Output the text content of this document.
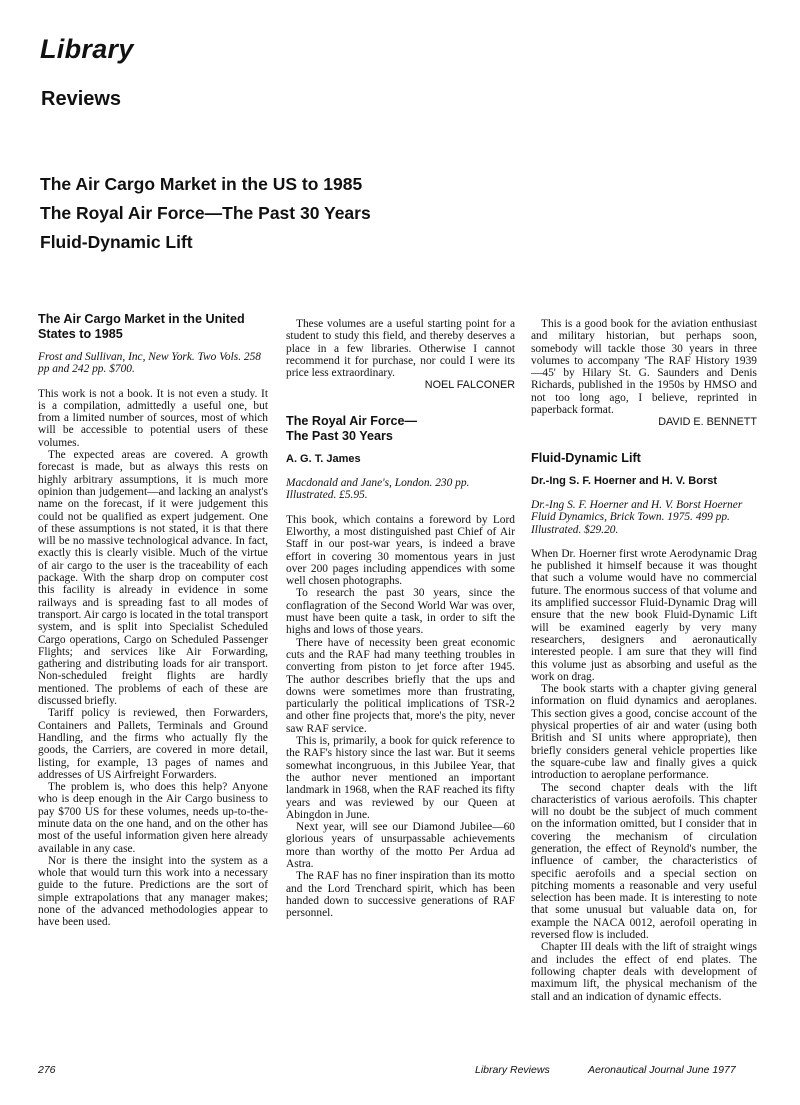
Library
Reviews
The Air Cargo Market in the US to 1985
The Royal Air Force—The Past 30 Years
Fluid-Dynamic Lift
The Air Cargo Market in the United States to 1985

Frost and Sullivan, Inc, New York. Two Vols. 258 pp and 242 pp. $700.

This work is not a book. It is not even a study. It is a compilation, admittedly a useful one, but from a limited number of sources, most of which will be accessible to potential users of these volumes.

The expected areas are covered. A growth forecast is made, but as always this rests on highly arbitrary assumptions, it is much more opinion than judgement—and lacking an analyst's name on the forecast, if it were judgement this could not be qualified as expert judgement. One of these assumptions is not stated, it is that there will be no massive technological advance. In fact, exactly this is clearly visible. Much of the virtue of air cargo to the user is the traceability of each package. With the sharp drop on computer cost this facility is already in evidence in some railways and is spreading fast to all modes of transport. Air cargo is located in the total transport system, and is split into Specialist Scheduled Cargo operations, Cargo on Scheduled Passenger Flights; and services like Air Forwarding, gathering and distributing loads for air transport. Non-scheduled freight flights are hardly mentioned. The problems of each of these are discussed briefly.

Tariff policy is reviewed, then Forwarders, Containers and Pallets, Terminals and Ground Handling, and the firms who actually fly the goods, the Carriers, are covered in more detail, listing, for example, 13 pages of names and addresses of US Airfreight Forwarders.

The problem is, who does this help? Anyone who is deep enough in the Air Cargo business to pay $700 US for these volumes, needs up-to-the-minute data on the one hand, and on the other has most of the useful information given here already available in any case.

Nor is there the insight into the system as a whole that would turn this work into a necessary guide to the future. Predictions are the sort of simple extrapolations that any manager makes; none of the advanced methodologies appear to have been used.

These volumes are a useful starting point for a student to study this field, and thereby deserves a place in a few libraries. Otherwise I cannot recommend it for purchase, nor could I were its price less extraordinary.

NOEL FALCONER

The Royal Air Force—The Past 30 Years
A. G. T. James

Macdonald and Jane's, London. 230 pp. Illustrated. £5.95.

This book, which contains a foreword by Lord Elworthy, a most distinguished past Chief of Air Staff in our post-war years, is indeed a brave effort in covering 30 momentous years in just over 200 pages including appendices with some well chosen photographs.

To research the past 30 years, since the conflagration of the Second World War was over, must have been quite a task, in order to sift the highs and lows of those years.

There have of necessity been great economic cuts and the RAF had many teething troubles in converting from piston to jet force after 1945. The author describes briefly that the ups and downs were sometimes more than frustrating, particularly the political implications of TSR-2 and other fine projects that, more's the pity, never saw RAF service.

This is, primarily, a book for quick reference to the RAF's history since the last war. But it seems somewhat incongruous, in this Jubilee Year, that the author never mentioned an important landmark in 1968, when the RAF reached its fifty years and was reviewed by our Queen at Abingdon in June.

Next year, will see our Diamond Jubilee—60 glorious years of unsurpassable achievements more than worthy of the motto Per Ardua ad Astra.

The RAF has no finer inspiration than its motto and the Lord Trenchard spirit, which has been handed down to successive generations of RAF personnel.

This is a good book for the aviation enthusiast and military historian, but perhaps soon, somebody will tackle those 30 years in three volumes to accompany 'The RAF History 1939—45' by Hilary St. G. Saunders and Denis Richards, published in the 1950s by HMSO and not too long ago, I believe, reprinted in paperback format.

DAVID E. BENNETT

Fluid-Dynamic Lift
Dr.-Ing S. F. Hoerner and H. V. Borst

Dr.-Ing S. F. Hoerner and H. V. Borst Hoerner Fluid Dynamics, Brick Town. 1975. 499 pp. Illustrated. $29.20.

When Dr. Hoerner first wrote Aerodynamic Drag he published it himself because it was thought that such a volume would have no commercial future. The enormous success of that volume and its amplified successor Fluid-Dynamic Drag will ensure that the new book Fluid-Dynamic Lift will be examined eagerly by very many researchers, designers and aeronautically interested people. I am sure that they will find this volume just as absorbing and useful as the work on drag.

The book starts with a chapter giving general information on fluid dynamics and aeroplanes. This section gives a good, concise account of the physical properties of air and water (using both British and SI units where appropriate), then briefly considers general vehicle properties like the square-cube law and finally gives a quick introduction to aeroplane performance.

The second chapter deals with the lift characteristics of various aerofoils. This chapter will no doubt be the subject of much comment on the information omitted, but I consider that in covering the mechanism of circulation generation, the effect of Reynold's number, the influence of camber, the characteristics of specific aerofoils and a special section on pitching moments a reasonable and very useful selection has been made. It is interesting to note that some unusual but valuable data on, for example the NACA 0012, aerofoil operating in reversed flow is included.

Chapter III deals with the lift of straight wings and includes the effect of end plates. The following chapter deals with development of maximum lift, the physical mechanism of the stall and an indication of dynamic effects.

276	Library Reviews	Aeronautical Journal June 1977
